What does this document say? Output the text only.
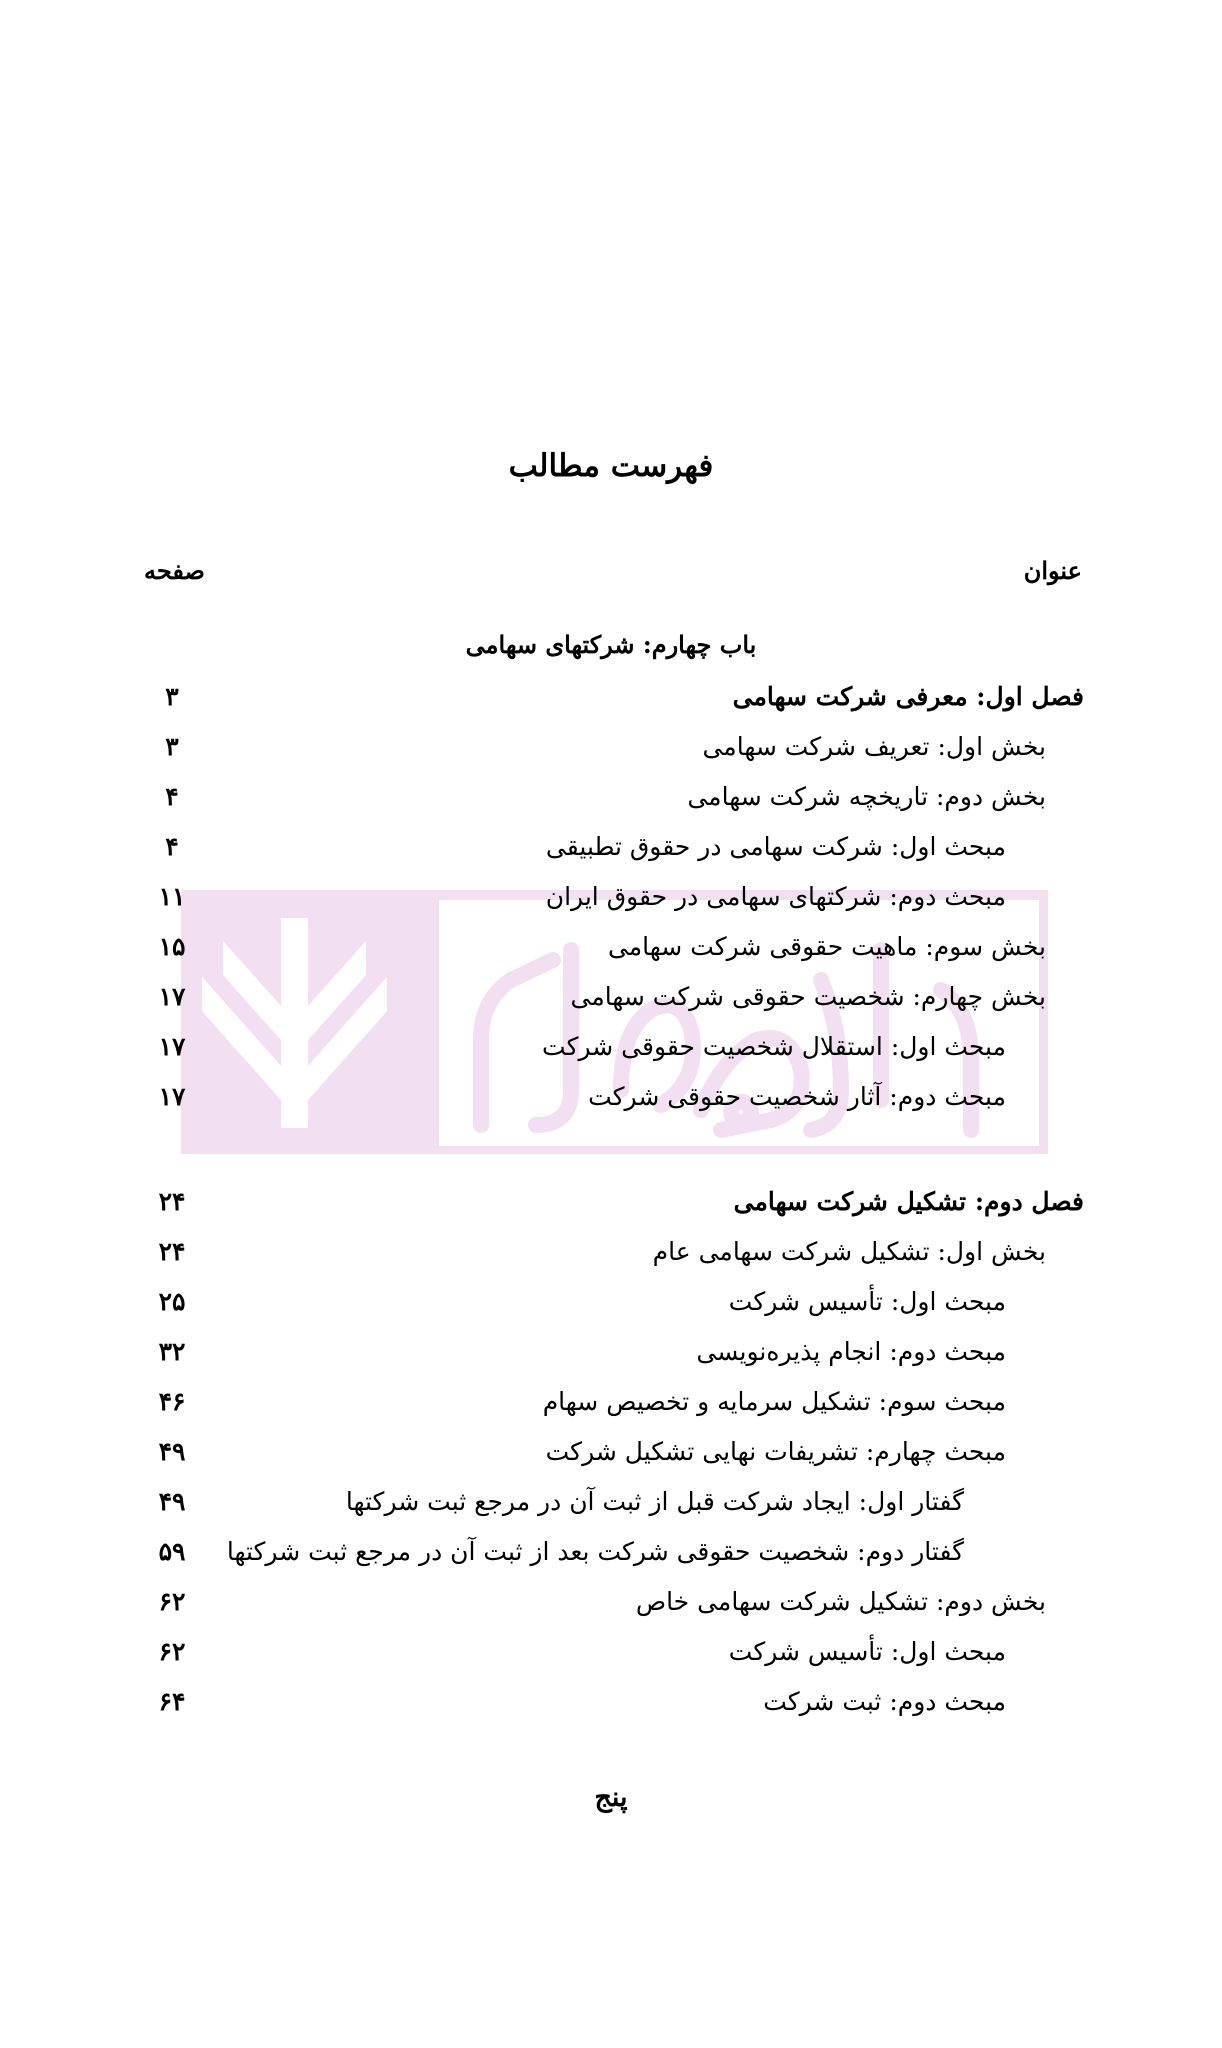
فهرست مطالب
عنوان
صفحه
باب چهارم: شرکتهای سهامی
فصل اول: معرفی شرکت سهامی
۳
بخش اول: تعریف شرکت سهامی
۳
بخش دوم: تاریخچه شرکت سهامی
۴
مبحث اول: شرکت سهامی در حقوق تطبیقی
۴
مبحث دوم: شرکتهای سهامی در حقوق ایران
۱۱
بخش سوم: ماهیت حقوقی شرکت سهامی
۱۵
بخش چهارم: شخصیت حقوقی شرکت سهامی
۱۷
مبحث اول: استقلال شخصیت حقوقی شرکت
۱۷
مبحث دوم: آثار شخصیت حقوقی شرکت
۱۷
فصل دوم: تشکیل شرکت سهامی
۲۴
بخش اول: تشکیل شرکت سهامی عام
۲۴
مبحث اول: تأسیس شرکت
۲۵
مبحث دوم: انجام پذیره‌نویسی
۳۲
مبحث سوم: تشکیل سرمایه و تخصیص سهام
۴۶
مبحث چهارم: تشریفات نهایی تشکیل شرکت
۴۹
گفتار اول: ایجاد شرکت قبل از ثبت آن در مرجع ثبت شرکتها
۴۹
گفتار دوم: شخصیت حقوقی شرکت بعد از ثبت آن در مرجع ثبت شرکتها
۵۹
بخش دوم: تشکیل شرکت سهامی خاص
۶۲
مبحث اول: تأسیس شرکت
۶۲
مبحث دوم: ثبت شرکت
۶۴
پنج
